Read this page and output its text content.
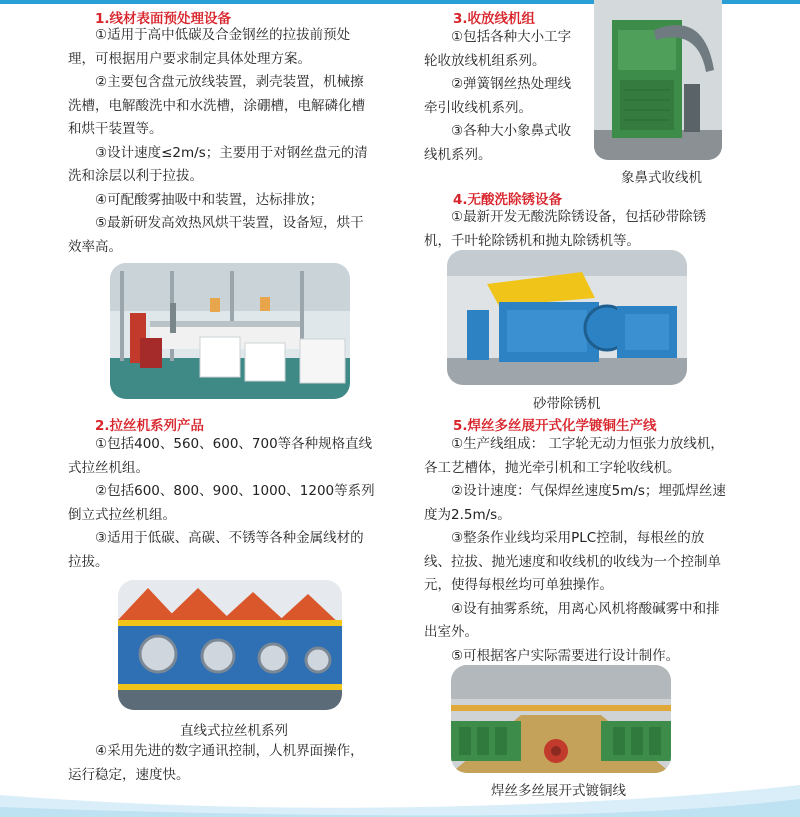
1.线材表面预处理设备
①适用于高中低碳及合金钢丝的拉拔前预处
理，可根据用户要求制定具体处理方案。
②主要包含盘元放线装置，剥壳装置，机械擦
洗槽，电解酸洗中和水洗槽，涂硼槽，电解磷化槽
和烘干装置等。
③设计速度≤2m/s；主要用于对钢丝盘元的清
洗和涂层以利于拉拔。
④可配酸雾抽吸中和装置，达标排放；
⑤最新研发高效热风烘干装置，设备短，烘干
效率高。
2.拉丝机系列产品
①包括400、560、600、700等各种规格直线
式拉丝机组。
②包括600、800、900、1000、1200等系列
倒立式拉丝机组。
③适用于低碳、高碳、不锈等各种金属线材的
拉拔。
直线式拉丝机系列
④采用先进的数字通讯控制，人机界面操作，
运行稳定，速度快。
3.收放线机组
①包括各种大小工字
轮收放线机组系列。
②弹簧钢丝热处理线
牵引收线机系列。
③各种大小象鼻式收
线机系列。
象鼻式收线机
4.无酸洗除锈设备
①最新开发无酸洗除锈设备，包括砂带除锈
机，千叶轮除锈机和抛丸除锈机等。
砂带除锈机
5.焊丝多丝展开式化学镀铜生产线
①生产线组成： 工字轮无动力恒张力放线机，
各工艺槽体，抛光牵引机和工字轮收线机。
②设计速度：气保焊丝速度5m/s；埋弧焊丝速
度为2.5m/s。
③整条作业线均采用PLC控制，每根丝的放
线、拉拔、抛光速度和收线机的收线为一个控制单
元，使得每根丝均可单独操作。
④设有抽雾系统，用离心风机将酸碱雾中和排
出室外。
⑤可根据客户实际需要进行设计制作。
焊丝多丝展开式镀铜线
